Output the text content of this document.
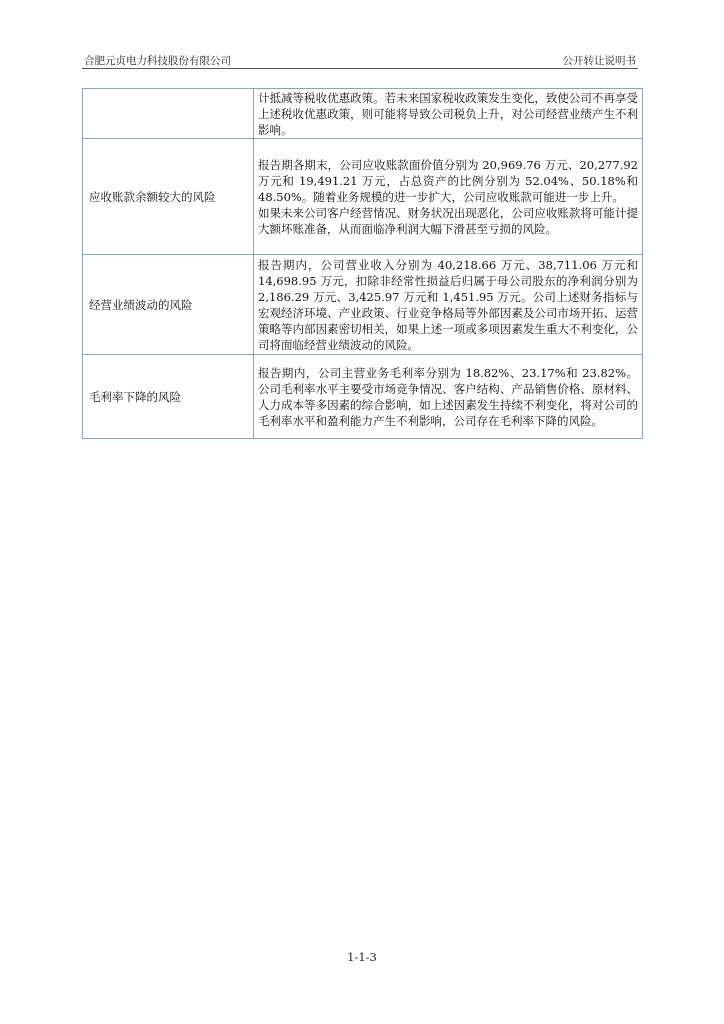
合肥元贞电力科技股份有限公司	公开转让说明书

	计抵减等税收优惠政策。若未来国家税收政策发生变化，致使公司不再享受上述税收优惠政策，则可能将导致公司税负上升，对公司经营业绩产生不利影响。

应收账款余额较大的风险	报告期各期末，公司应收账款面价值分别为 20,969.76 万元、20,277.92 万元和 19,491.21 万元，占总资产的比例分别为 52.04%、50.18%和 48.50%。随着业务规模的进一步扩大，公司应收账款可能进一步上升。
如果未来公司客户经营情况、财务状况出现恶化，公司应收账款将可能计提大额坏账准备，从而面临净利润大幅下滑甚至亏损的风险。

经营业绩波动的风险	报告期内，公司营业收入分别为 40,218.66 万元、38,711.06 万元和 14,698.95 万元，扣除非经常性损益后归属于母公司股东的净利润分别为 2,186.29 万元、3,425.97 万元和 1,451.95 万元。公司上述财务指标与宏观经济环境、产业政策、行业竞争格局等外部因素及公司市场开拓、运营策略等内部因素密切相关，如果上述一项或多项因素发生重大不利变化，公司将面临经营业绩波动的风险。

毛利率下降的风险	报告期内，公司主营业务毛利率分别为 18.82%、23.17%和 23.82%。公司毛利率水平主要受市场竞争情况、客户结构、产品销售价格、原材料、人力成本等多因素的综合影响，如上述因素发生持续不利变化，将对公司的毛利率水平和盈利能力产生不利影响，公司存在毛利率下降的风险。
1-1-3
